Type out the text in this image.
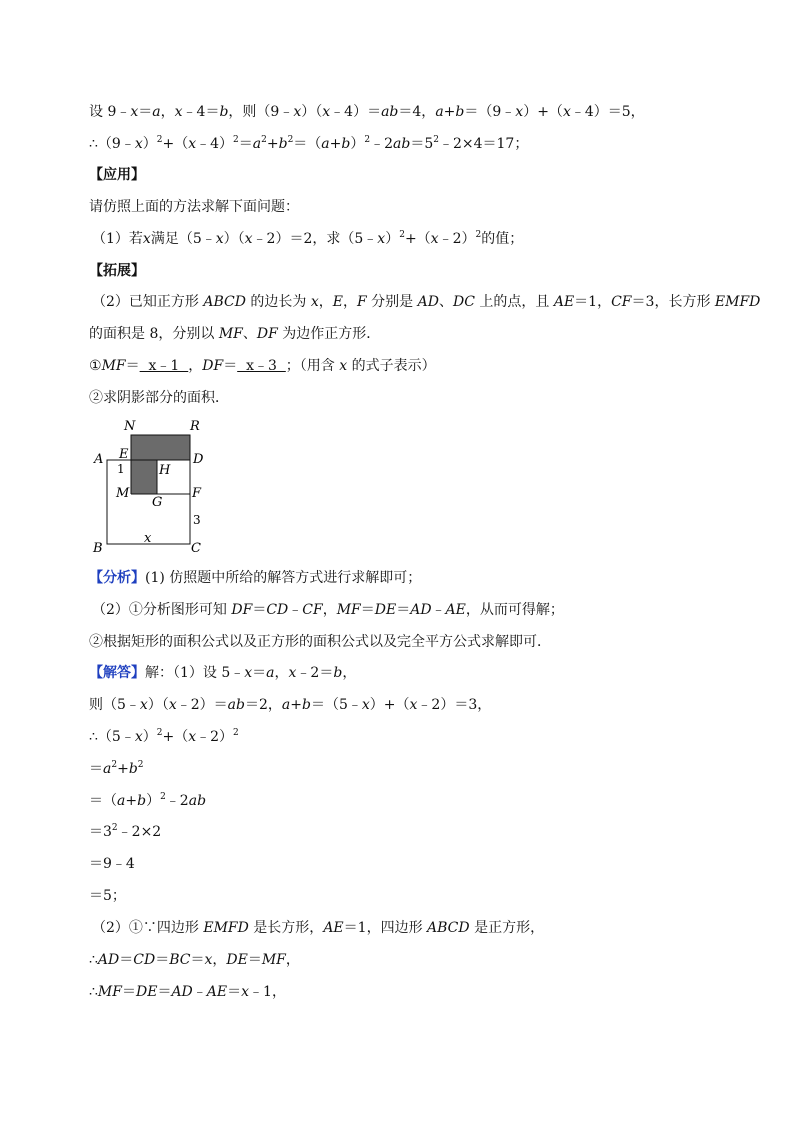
设 9﹣x＝a，x﹣4＝b，则（9﹣x）（x﹣4）＝ab＝4，a+b＝（9﹣x）+（x﹣4）＝5，
$\therefore(9﹣x)^2+(x﹣4)^2=a^2+b^2=(a+b)^2﹣2ab=5^2﹣2\times 4=17$；
【应用】
请仿照上面的方法求解下面问题：
（1）若x满足（5﹣x）（x﹣2）＝2，求（5﹣x）$^2$+（x﹣2）$^2$的值；
【拓展】
（2）已知正方形 ABCD 的边长为 x，E，F 分别是 AD、DC 上的点，且 AE＝1，CF＝3，长方形 EMFD
的面积是 8，分别以 MF、DF 为边作正方形．
①MF＝  x﹣1  ，DF＝  x﹣3  ；（用含 x 的式子表示）
②求阴影部分的面积．
N	R
A E	D
1	H
M	F
G
3
B
x
C
【分析】(1) 仿照题中所给的解答方式进行求解即可；
（2）①分析图形可知 DF＝CD﹣CF，MF＝DE＝AD﹣AE，从而可得解；
②根据矩形的面积公式以及正方形的面积公式以及完全平方公式求解即可．
【解答】解：（1）设 5﹣x＝a，x﹣2＝b，
则（5﹣x）（x﹣2）＝ab＝2，a+b＝（5﹣x）+（x﹣2）＝3，
∴（5﹣x）$^2$+（x﹣2）$^2$
$=a^2+b^2$
$=(a+b)^2﹣2ab$
$=3^2﹣2\times 2$
＝9﹣4
＝5；
（2）①∵四边形 EMFD 是长方形，AE＝1，四边形 ABCD 是正方形，
∴AD＝CD＝BC＝x，DE＝MF，
∴MF＝DE＝AD﹣AE＝x﹣1，
